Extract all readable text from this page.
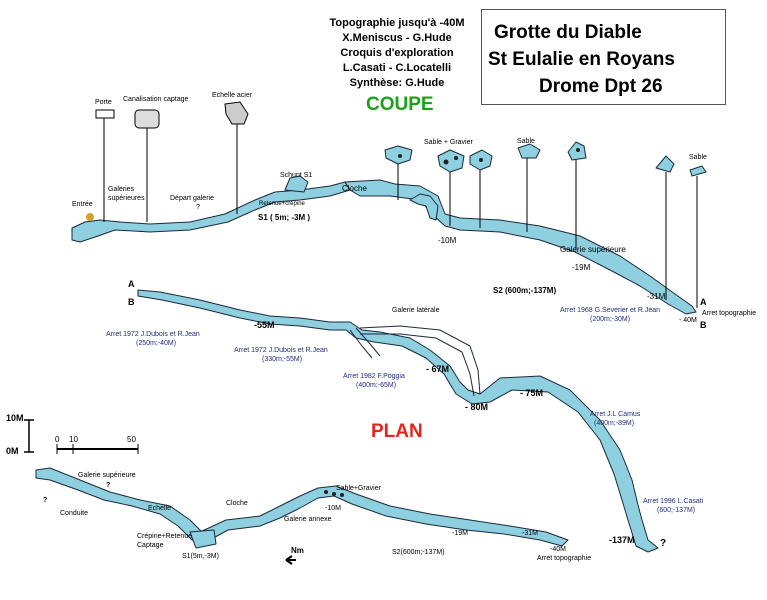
Topographie jusqu'à -40M
X.Meniscus - G.Hude
Croquis d'exploration
L.Casati - C.Locatelli
Synthèse: G.Hude
Grotte du Diable
St Eulalie en Royans
Drome Dpt 26
COUPE
PLAN
Porte Canalisation captage
Echelle acier
Entrée
Galeries supérieures	Départ galerie
?
Schunt S1
Retenue+crépine
S1 ( 5m; -3M )
Cloche
Sable + Gravier	Sable
Sable
-10M
Galerie supérieure
-19M
S2 (600m;-137M)
-31M
- 40M
A
B
Arret topographie
Arret 1968 G.Severier et R.Jean
(200m;-30M)
A
B
Arret 1972 J.Dubois et R.Jean
(250m;-40M)
-55M
Arret 1972 J.Dubois et R.Jean
(330m;-55M)
Galerie latérale
Arret 1982 F.Poggia
(400m;-65M)
- 67M
- 80M
- 75M
Arret J.L Camus
(400m;-89M)
Arret 1996 L.Casati
(600;-137M)
-137M	?
10M
0M
0 10	50
Galerie supérieure
?
?
Conduite
Echelle
Cloche
Crépine+Retenue
Captage
Galerie annexe
-10M
Sable+Gravier
S1(5m,-3M)
Nm	S2(600m;-137M)
-19M	-31M
-40M
Arret topographie
